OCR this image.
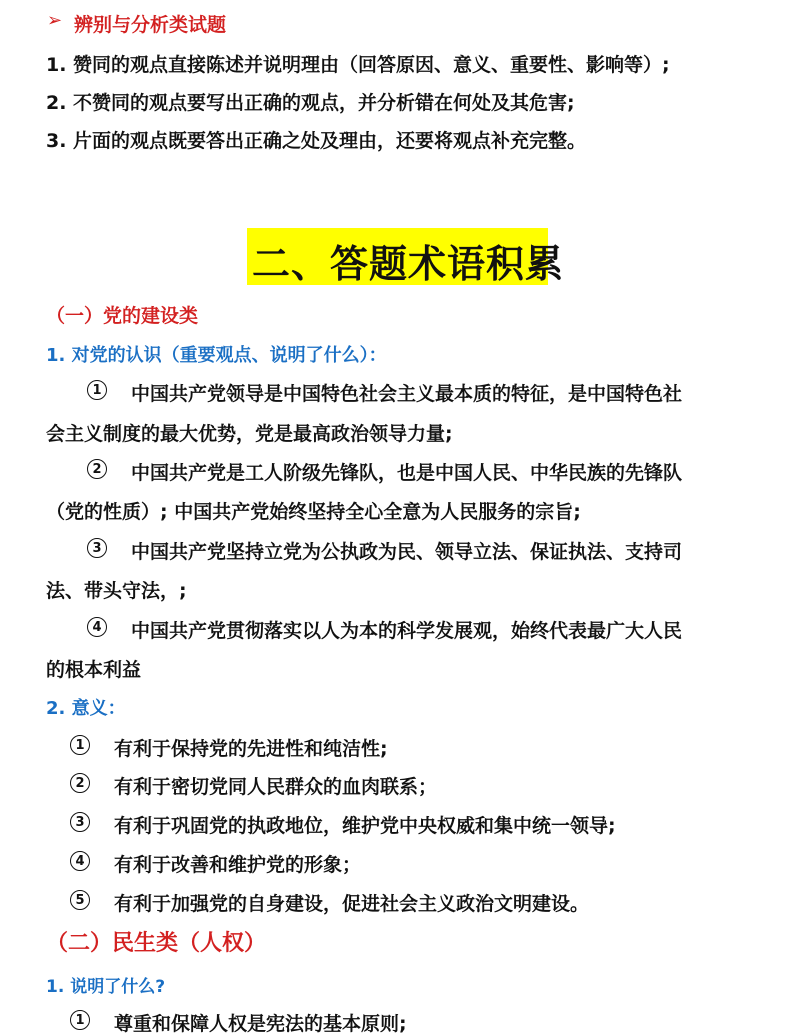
➢ 辨别与分析类试题
1. 赞同的观点直接陈述并说明理由（回答原因、意义、重要性、影响等）;
2. 不赞同的观点要写出正确的观点，并分析错在何处及其危害;
3. 片面的观点既要答出正确之处及理由，还要将观点补充完整。
二、答题术语积累
（一）党的建设类
1. 对党的认识（重要观点、说明了什么）：
1 中国共产党领导是中国特色社会主义最本质的特征，是中国特色社
会主义制度的最大优势，党是最高政治领导力量;
2 中国共产党是工人阶级先锋队，也是中国人民、中华民族的先锋队
（党的性质）; 中国共产党始终坚持全心全意为人民服务的宗旨;
3 中国共产党坚持立党为公执政为民、领导立法、保证执法、支持司
法、带头守法，;
4 中国共产党贯彻落实以人为本的科学发展观，始终代表最广大人民
的根本利益
2. 意义：
1 有利于保持党的先进性和纯洁性;
2 有利于密切党同人民群众的血肉联系；
3 有利于巩固党的执政地位，维护党中央权威和集中统一领导;
4 有利于改善和维护党的形象；
5 有利于加强党的自身建设，促进社会主义政治文明建设。
（二）民生类（人权）
1. 说明了什么?
1 尊重和保障人权是宪法的基本原则;
